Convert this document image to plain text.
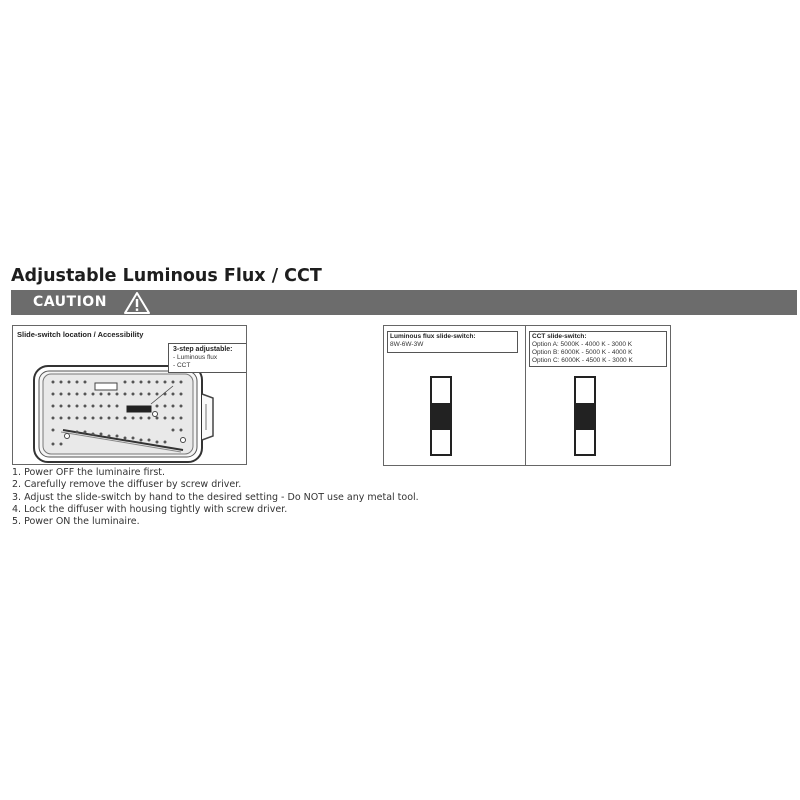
Adjustable Luminous Flux / CCT
CAUTION
Slide-switch location / Accessibility
3-step adjustable:
- Luminous flux
- CCT
Luminous flux slide-switch:
8W-6W-3W
CCT slide-switch:
Option A: 5000K - 4000 K - 3000 K
Option B: 6000K - 5000 K - 4000 K
Option C: 6000K - 4500 K - 3000 K
1. Power OFF the luminaire first.
2. Carefully remove the diffuser by screw driver.
3. Adjust the slide-switch by hand to the desired setting - Do NOT use any metal tool.
4. Lock the diffuser with housing tightly with screw driver.
5. Power ON the luminaire.
